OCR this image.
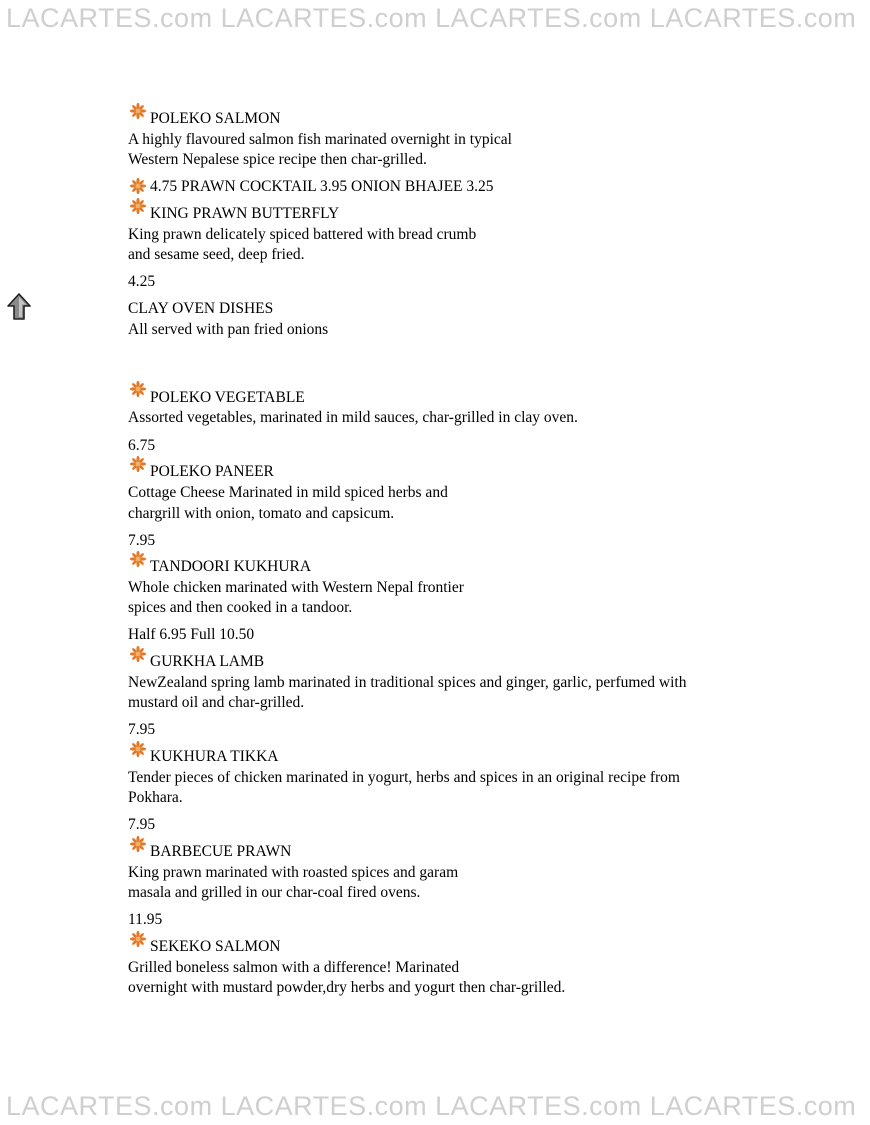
LACARTES.com LACARTES.com LACARTES.com LACARTES.com
POLEKO SALMON
A highly flavoured salmon fish marinated overnight in typical
Western Nepalese spice recipe then char-grilled.
4.75 PRAWN COCKTAIL 3.95 ONION BHAJEE 3.25
KING PRAWN BUTTERFLY
King prawn delicately spiced battered with bread crumb
and sesame seed, deep fried.
4.25
CLAY OVEN DISHES
All served with pan fried onions
POLEKO VEGETABLE
Assorted vegetables, marinated in mild sauces, char-grilled in clay oven.
6.75
POLEKO PANEER
Cottage Cheese Marinated in mild spiced herbs and
chargrill with onion, tomato and capsicum.
7.95
TANDOORI KUKHURA
Whole chicken marinated with Western Nepal frontier
spices and then cooked in a tandoor.
Half 6.95 Full 10.50
GURKHA LAMB
NewZealand spring lamb marinated in traditional spices and ginger, garlic, perfumed with
mustard oil and char-grilled.
7.95
KUKHURA TIKKA
Tender pieces of chicken marinated in yogurt, herbs and spices in an original recipe from
Pokhara.
7.95
BARBECUE PRAWN
King prawn marinated with roasted spices and garam
masala and grilled in our char-coal fired ovens.
11.95
SEKEKO SALMON
Grilled boneless salmon with a difference! Marinated
overnight with mustard powder,dry herbs and yogurt then char-grilled.
LACARTES.com LACARTES.com LACARTES.com LACARTES.com
